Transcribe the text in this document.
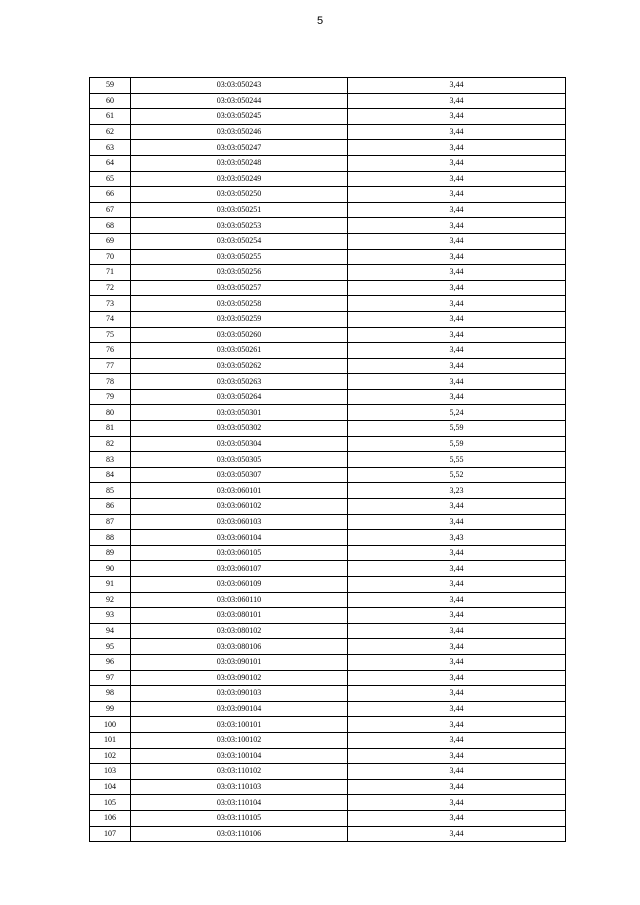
5
59	03:03:050243	3,44
60	03:03:050244	3,44
61	03:03:050245	3,44
62	03:03:050246	3,44
63	03:03:050247	3,44
64	03:03:050248	3,44
65	03:03:050249	3,44
66	03:03:050250	3,44
67	03:03:050251	3,44
68	03:03:050253	3,44
69	03:03:050254	3,44
70	03:03:050255	3,44
71	03:03:050256	3,44
72	03:03:050257	3,44
73	03:03:050258	3,44
74	03:03:050259	3,44
75	03:03:050260	3,44
76	03:03:050261	3,44
77	03:03:050262	3,44
78	03:03:050263	3,44
79	03:03:050264	3,44
80	03:03:050301	5,24
81	03:03:050302	5,59
82	03:03:050304	5,59
83	03:03:050305	5,55
84	03:03:050307	5,52
85	03:03:060101	3,23
86	03:03:060102	3,44
87	03:03:060103	3,44
88	03:03:060104	3,43
89	03:03:060105	3,44
90	03:03:060107	3,44
91	03:03:060109	3,44
92	03:03:060110	3,44
93	03:03:080101	3,44
94	03:03:080102	3,44
95	03:03:080106	3,44
96	03:03:090101	3,44
97	03:03:090102	3,44
98	03:03:090103	3,44
99	03:03:090104	3,44
100	03:03:100101	3,44
101	03:03:100102	3,44
102	03:03:100104	3,44
103	03:03:110102	3,44
104	03:03:110103	3,44
105	03:03:110104	3,44
106	03:03:110105	3,44
107	03:03:110106	3,44
